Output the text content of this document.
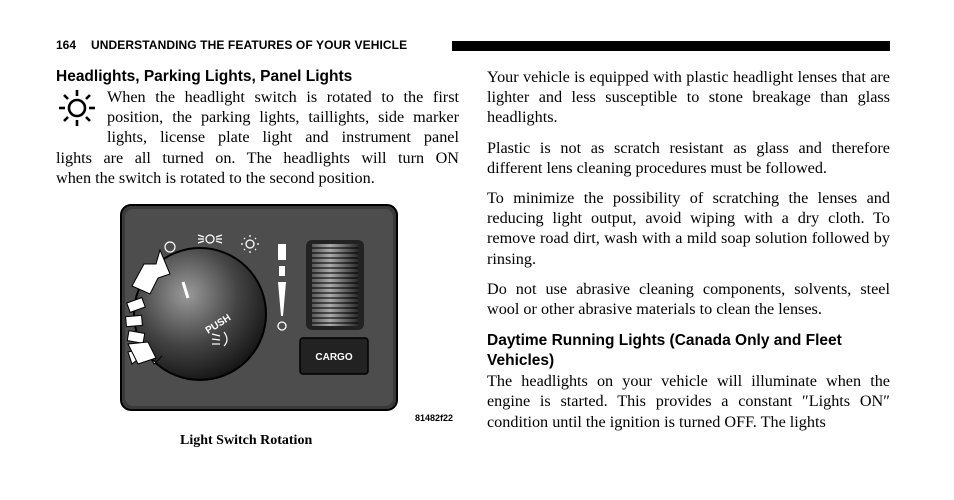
164 UNDERSTANDING THE FEATURES OF YOUR VEHICLE
Headlights, Parking Lights, Panel Lights
When the headlight switch is rotated to the first
position, the parking lights, taillights, side marker
lights, license plate light and instrument panel
lights are all turned on. The headlights will turn ON
when the switch is rotated to the second position.
PUSH
CARGO
81482f22
Light Switch Rotation

Your vehicle is equipped with plastic headlight lenses that are lighter and less susceptible to stone breakage than glass headlights.

Plastic is not as scratch resistant as glass and therefore different lens cleaning procedures must be followed.

To minimize the possibility of scratching the lenses and reducing light output, avoid wiping with a dry cloth. To remove road dirt, wash with a mild soap solution followed by rinsing.

Do not use abrasive cleaning components, solvents, steel wool or other abrasive materials to clean the lenses.

Daytime Running Lights (Canada Only and Fleet Vehicles)

The headlights on your vehicle will illuminate when the engine is started. This provides a constant ″Lights ON″ condition until the ignition is turned OFF. The lights
